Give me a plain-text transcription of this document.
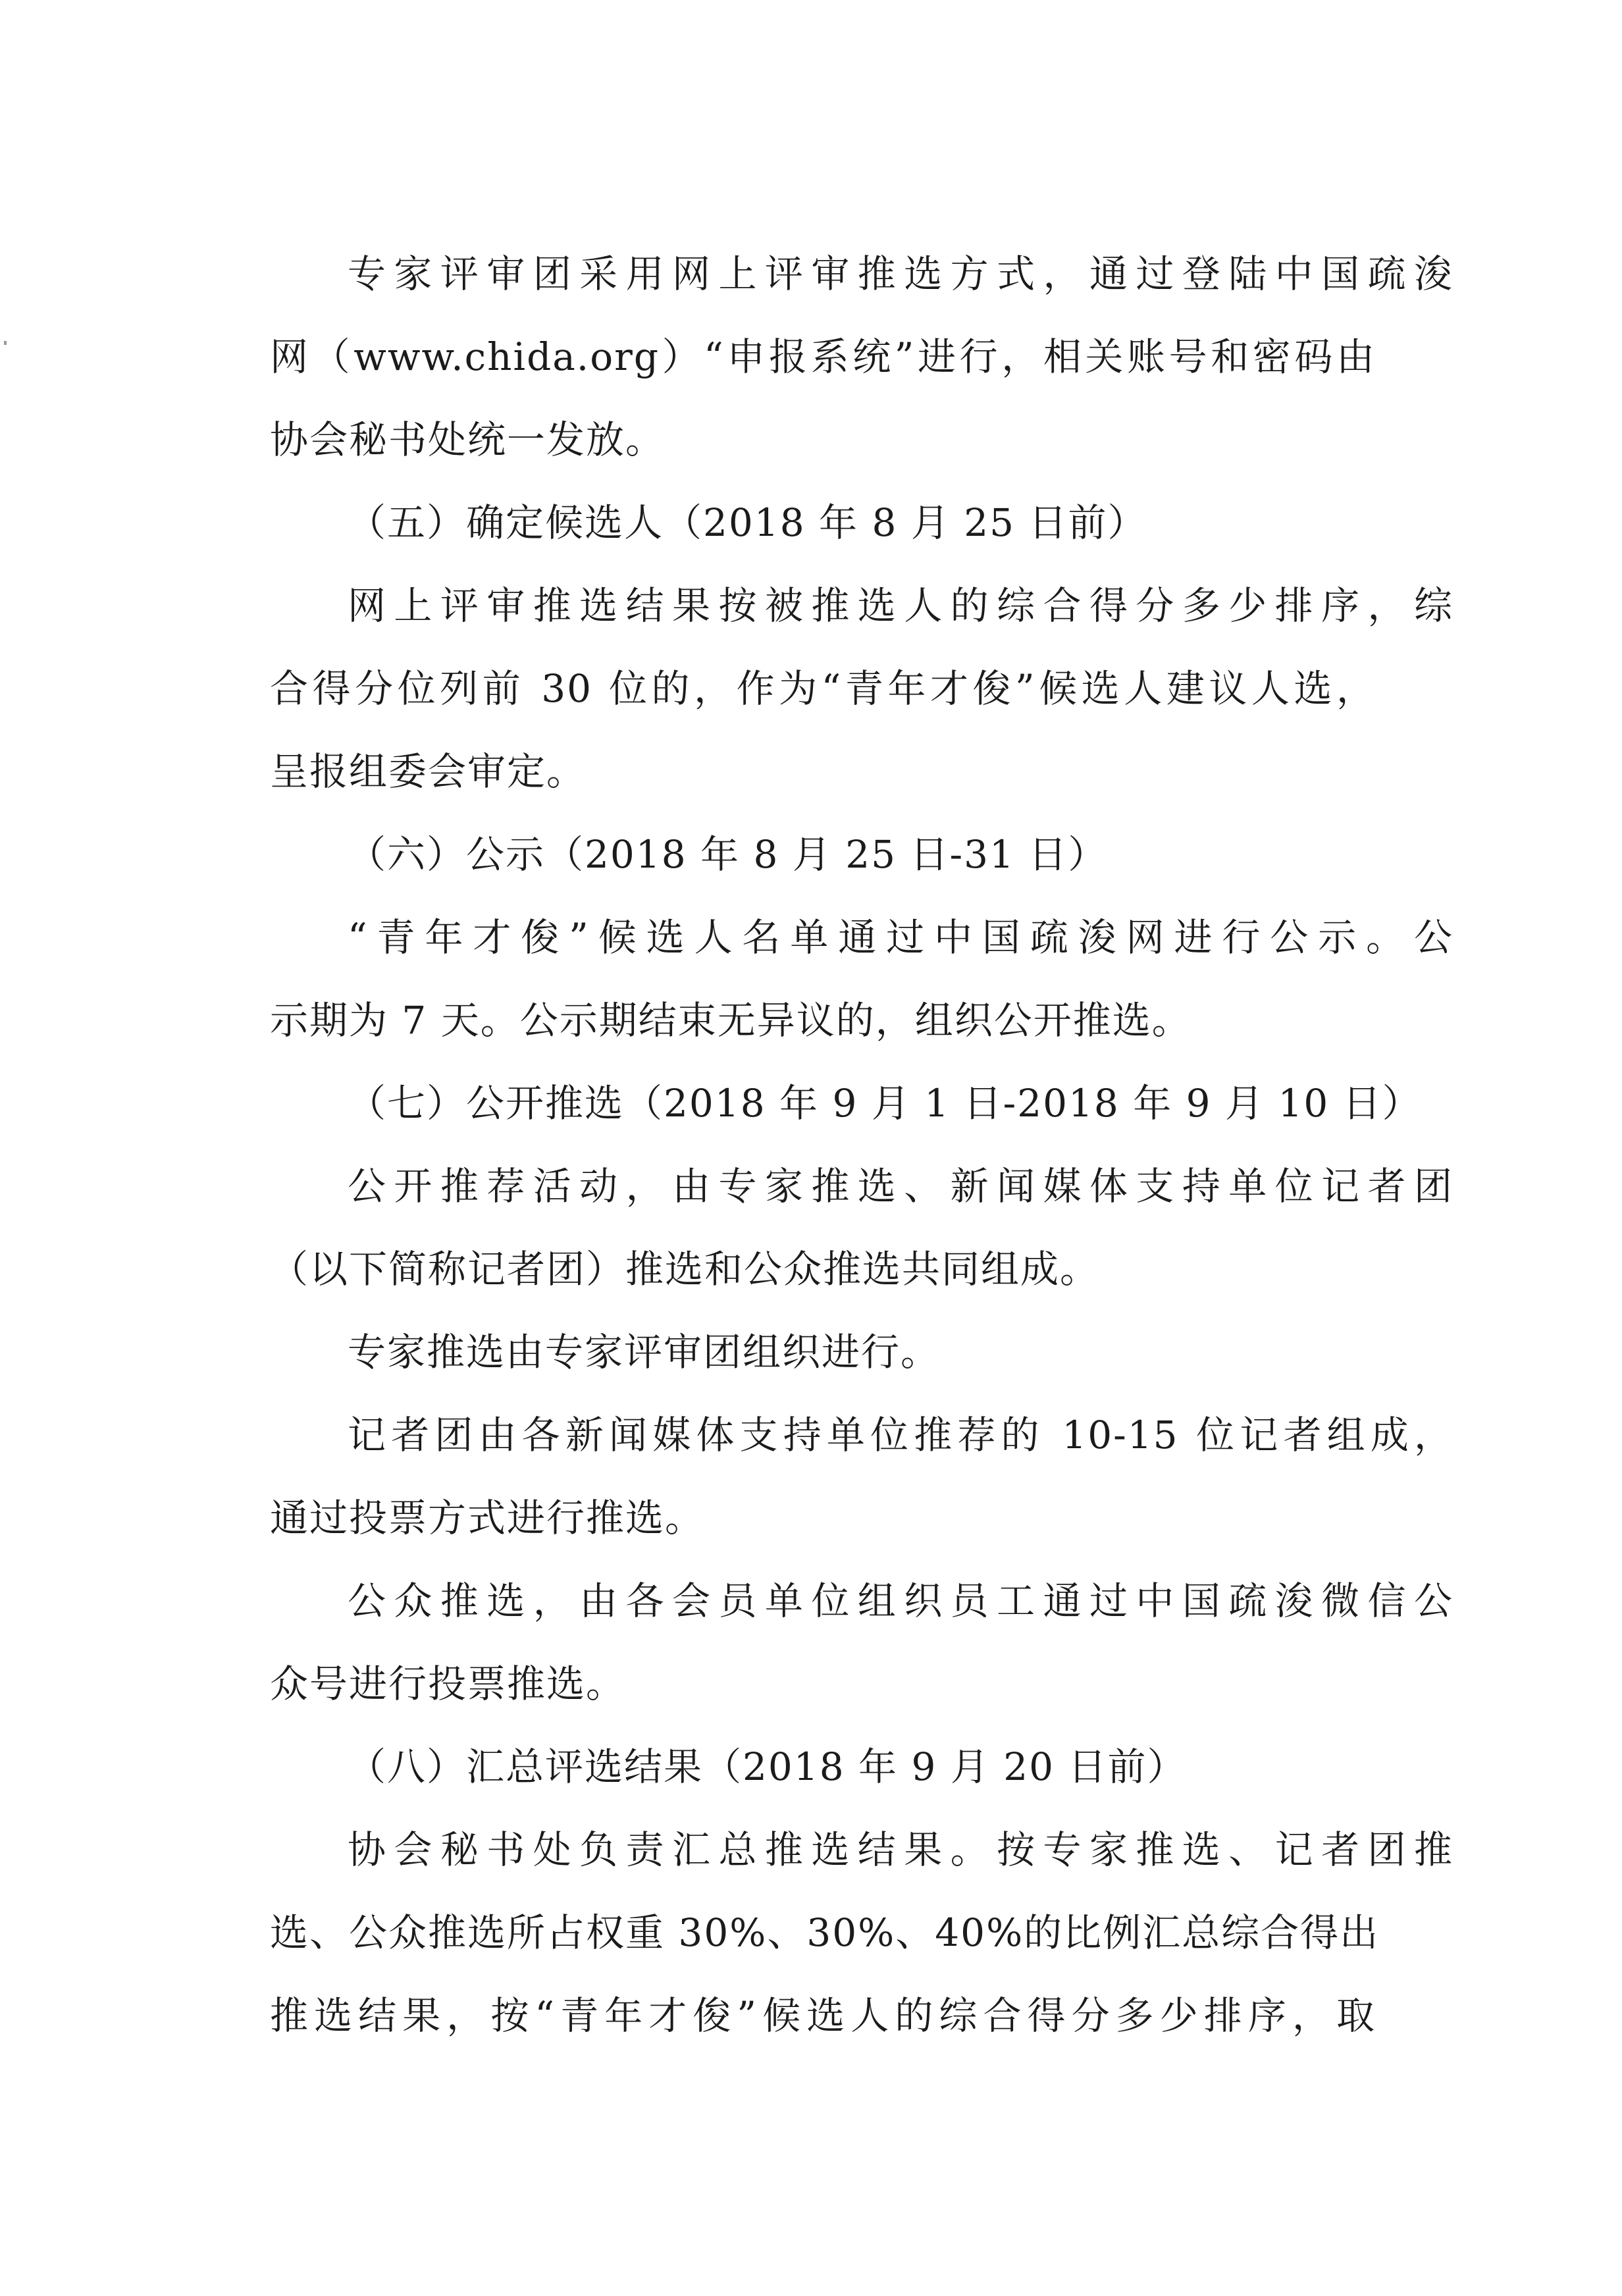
专家评审团采用网上评审推选方式，通过登陆中国疏浚
网（www.chida.org）“申报系统”进行，相关账号和密码由
协会秘书处统一发放。
（五）确定候选人（2018 年 8 月 25 日前）
网上评审推选结果按被推选人的综合得分多少排序，综
合得分位列前 30 位的，作为“青年才俊”候选人建议人选，
呈报组委会审定。
（六）公示（2018 年 8 月 25 日-31 日）
“青年才俊”候选人名单通过中国疏浚网进行公示。公
示期为 7 天。公示期结束无异议的，组织公开推选。
（七）公开推选（2018 年 9 月 1 日-2018 年 9 月 10 日）
公开推荐活动，由专家推选、新闻媒体支持单位记者团
（以下简称记者团）推选和公众推选共同组成。
专家推选由专家评审团组织进行。
记者团由各新闻媒体支持单位推荐的 10-15 位记者组成，
通过投票方式进行推选。
公众推选，由各会员单位组织员工通过中国疏浚微信公
众号进行投票推选。
（八）汇总评选结果（2018 年 9 月 20 日前）
协会秘书处负责汇总推选结果。按专家推选、记者团推
选、公众推选所占权重 30%、30%、40%的比例汇总综合得出
推选结果，按“青年才俊”候选人的综合得分多少排序，取
